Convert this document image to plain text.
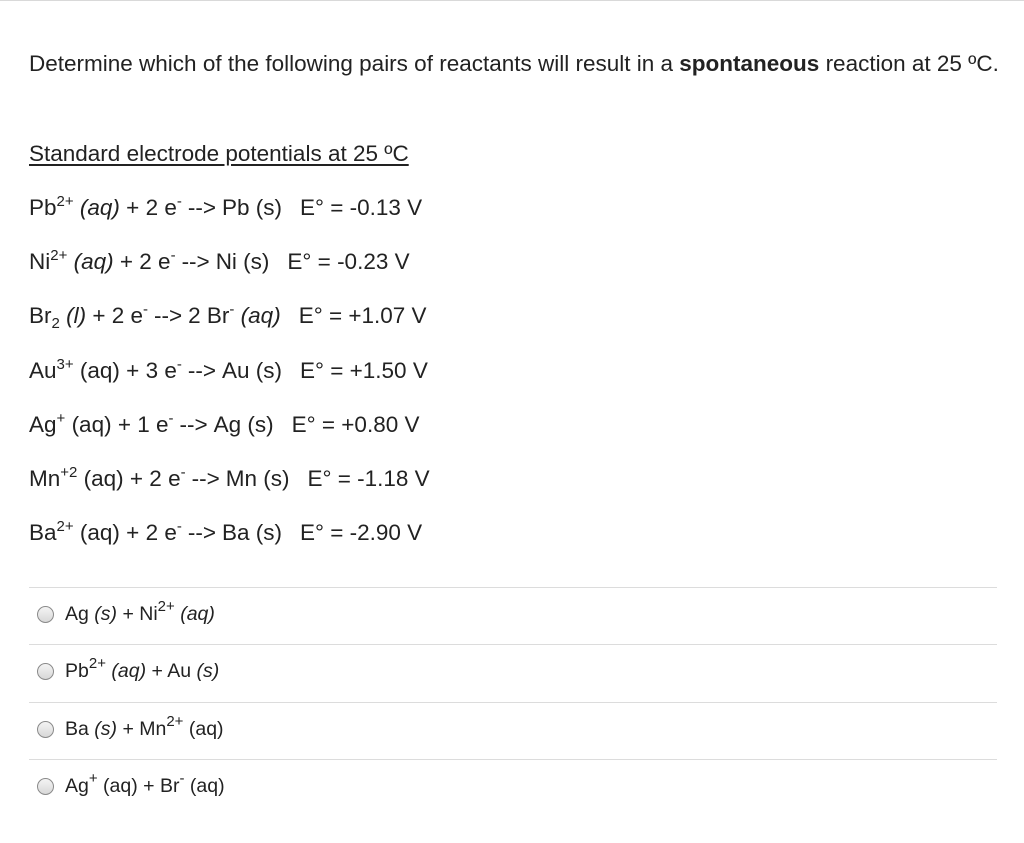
Determine which of the following pairs of reactants will result in a spontaneous reaction at 25 ºC.
Standard electrode potentials at 25 ºC
$Pb^{2+}$ (aq) + 2 e- --> Pb (s) E° = -0.13 V
$Ni^{2+}$ (aq) + 2 e- --> Ni (s) E° = -0.23 V
$Br_2$ (l) + 2 e- --> 2 Br- (aq) E° = +1.07 V
$Au^{3+}$ (aq) + 3 e- --> Au (s) E° = +1.50 V
Ag+ (aq) + 1 e- --> Ag (s) E° = +0.80 V
$Mn^{+2}$ (aq) + 2 e- --> Mn (s) E° = -1.18 V
$Ba^{2+}$ (aq) + 2 e- --> Ba (s) E° = -2.90 V
Ag $(s) + Ni^{2+}$ (aq)
$Pb^{2+}$ (aq) + Au (s)
Ba $(s) + Mn^{2+}$ (aq)
Ag+ (aq) + Br- (aq)
